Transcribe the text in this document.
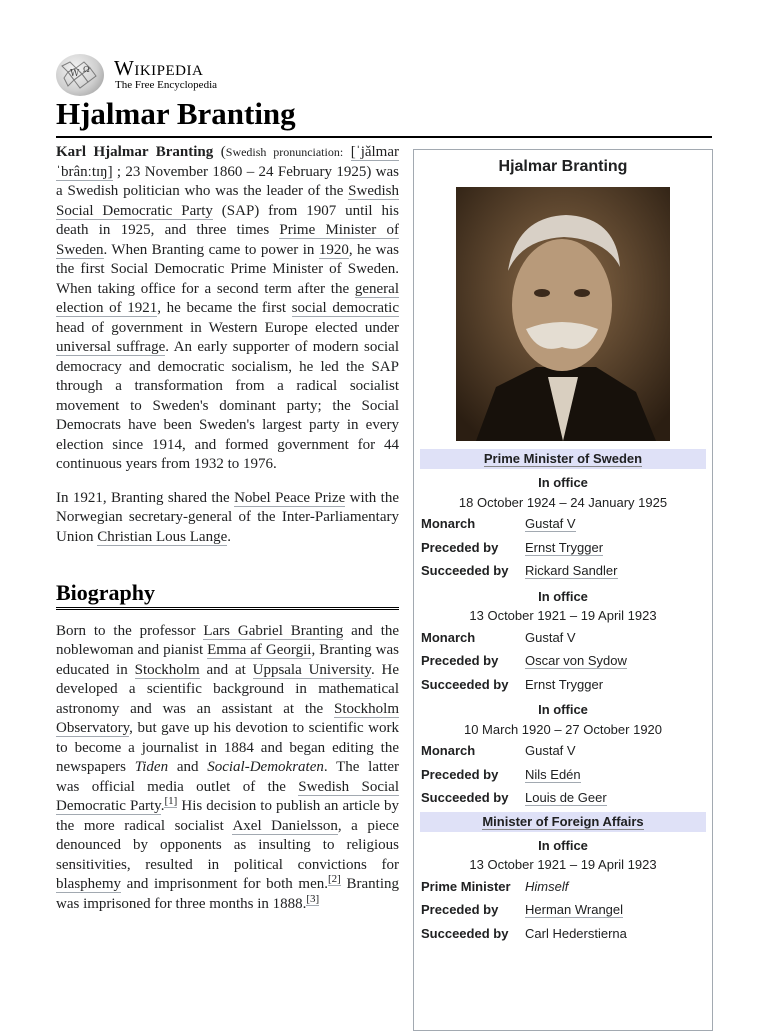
W Ω Wikipedia
The Free Encyclopedia
Hjalmar Branting

Karl Hjalmar Branting (Swedish pronunciation: [ˈjǎlmar ˈbrânːtɪŋ] ; 23 November 1860 – 24 February 1925) was a Swedish politician who was the leader of the Swedish Social Democratic Party (SAP) from 1907 until his death in 1925, and three times Prime Minister of Sweden. When Branting came to power in 1920, he was the first Social Democratic Prime Minister of Sweden. When taking office for a second term after the general election of 1921, he became the first social democratic head of government in Western Europe elected under universal suffrage. An early supporter of modern social democracy and democratic socialism, he led the SAP through a transformation from a radical socialist movement to Sweden's dominant party; the Social Democrats have been Sweden's largest party in every election since 1914, and formed government for 44 continuous years from 1932 to 1976.

In 1921, Branting shared the Nobel Peace Prize with the Norwegian secretary-general of the Inter-Parliamentary Union Christian Lous Lange.

Biography

Born to the professor Lars Gabriel Branting and the noblewoman and pianist Emma af Georgii, Branting was educated in Stockholm and at Uppsala University. He developed a scientific background in mathematical astronomy and was an assistant at the Stockholm Observatory, but gave up his devotion to scientific work to become a journalist in 1884 and began editing the newspapers Tiden and Social-Demokraten. The latter was official media outlet of the Swedish Social Democratic Party.[1] His decision to publish an article by the more radical socialist Axel Danielsson, a piece denounced by opponents as insulting to religious sensitivities, resulted in political convictions for blasphemy and imprisonment for both men.[2] Branting was imprisoned for three months in 1888.[3]

Hjalmar Branting
Prime Minister of Sweden
In office
18 October 1924 – 24 January 1925
Monarch	Gustaf V
Preceded by	Ernst Trygger
Succeeded by	Rickard Sandler
In office
13 October 1921 – 19 April 1923
Monarch	Gustaf V
Preceded by	Oscar von Sydow
Succeeded by	Ernst Trygger
In office
10 March 1920 – 27 October 1920
Monarch	Gustaf V
Preceded by	Nils Edén
Succeeded by	Louis de Geer
Minister of Foreign Affairs
In office
13 October 1921 – 19 April 1923
Prime Minister	Himself
Preceded by	Herman Wrangel
Succeeded by	Carl Hederstierna
